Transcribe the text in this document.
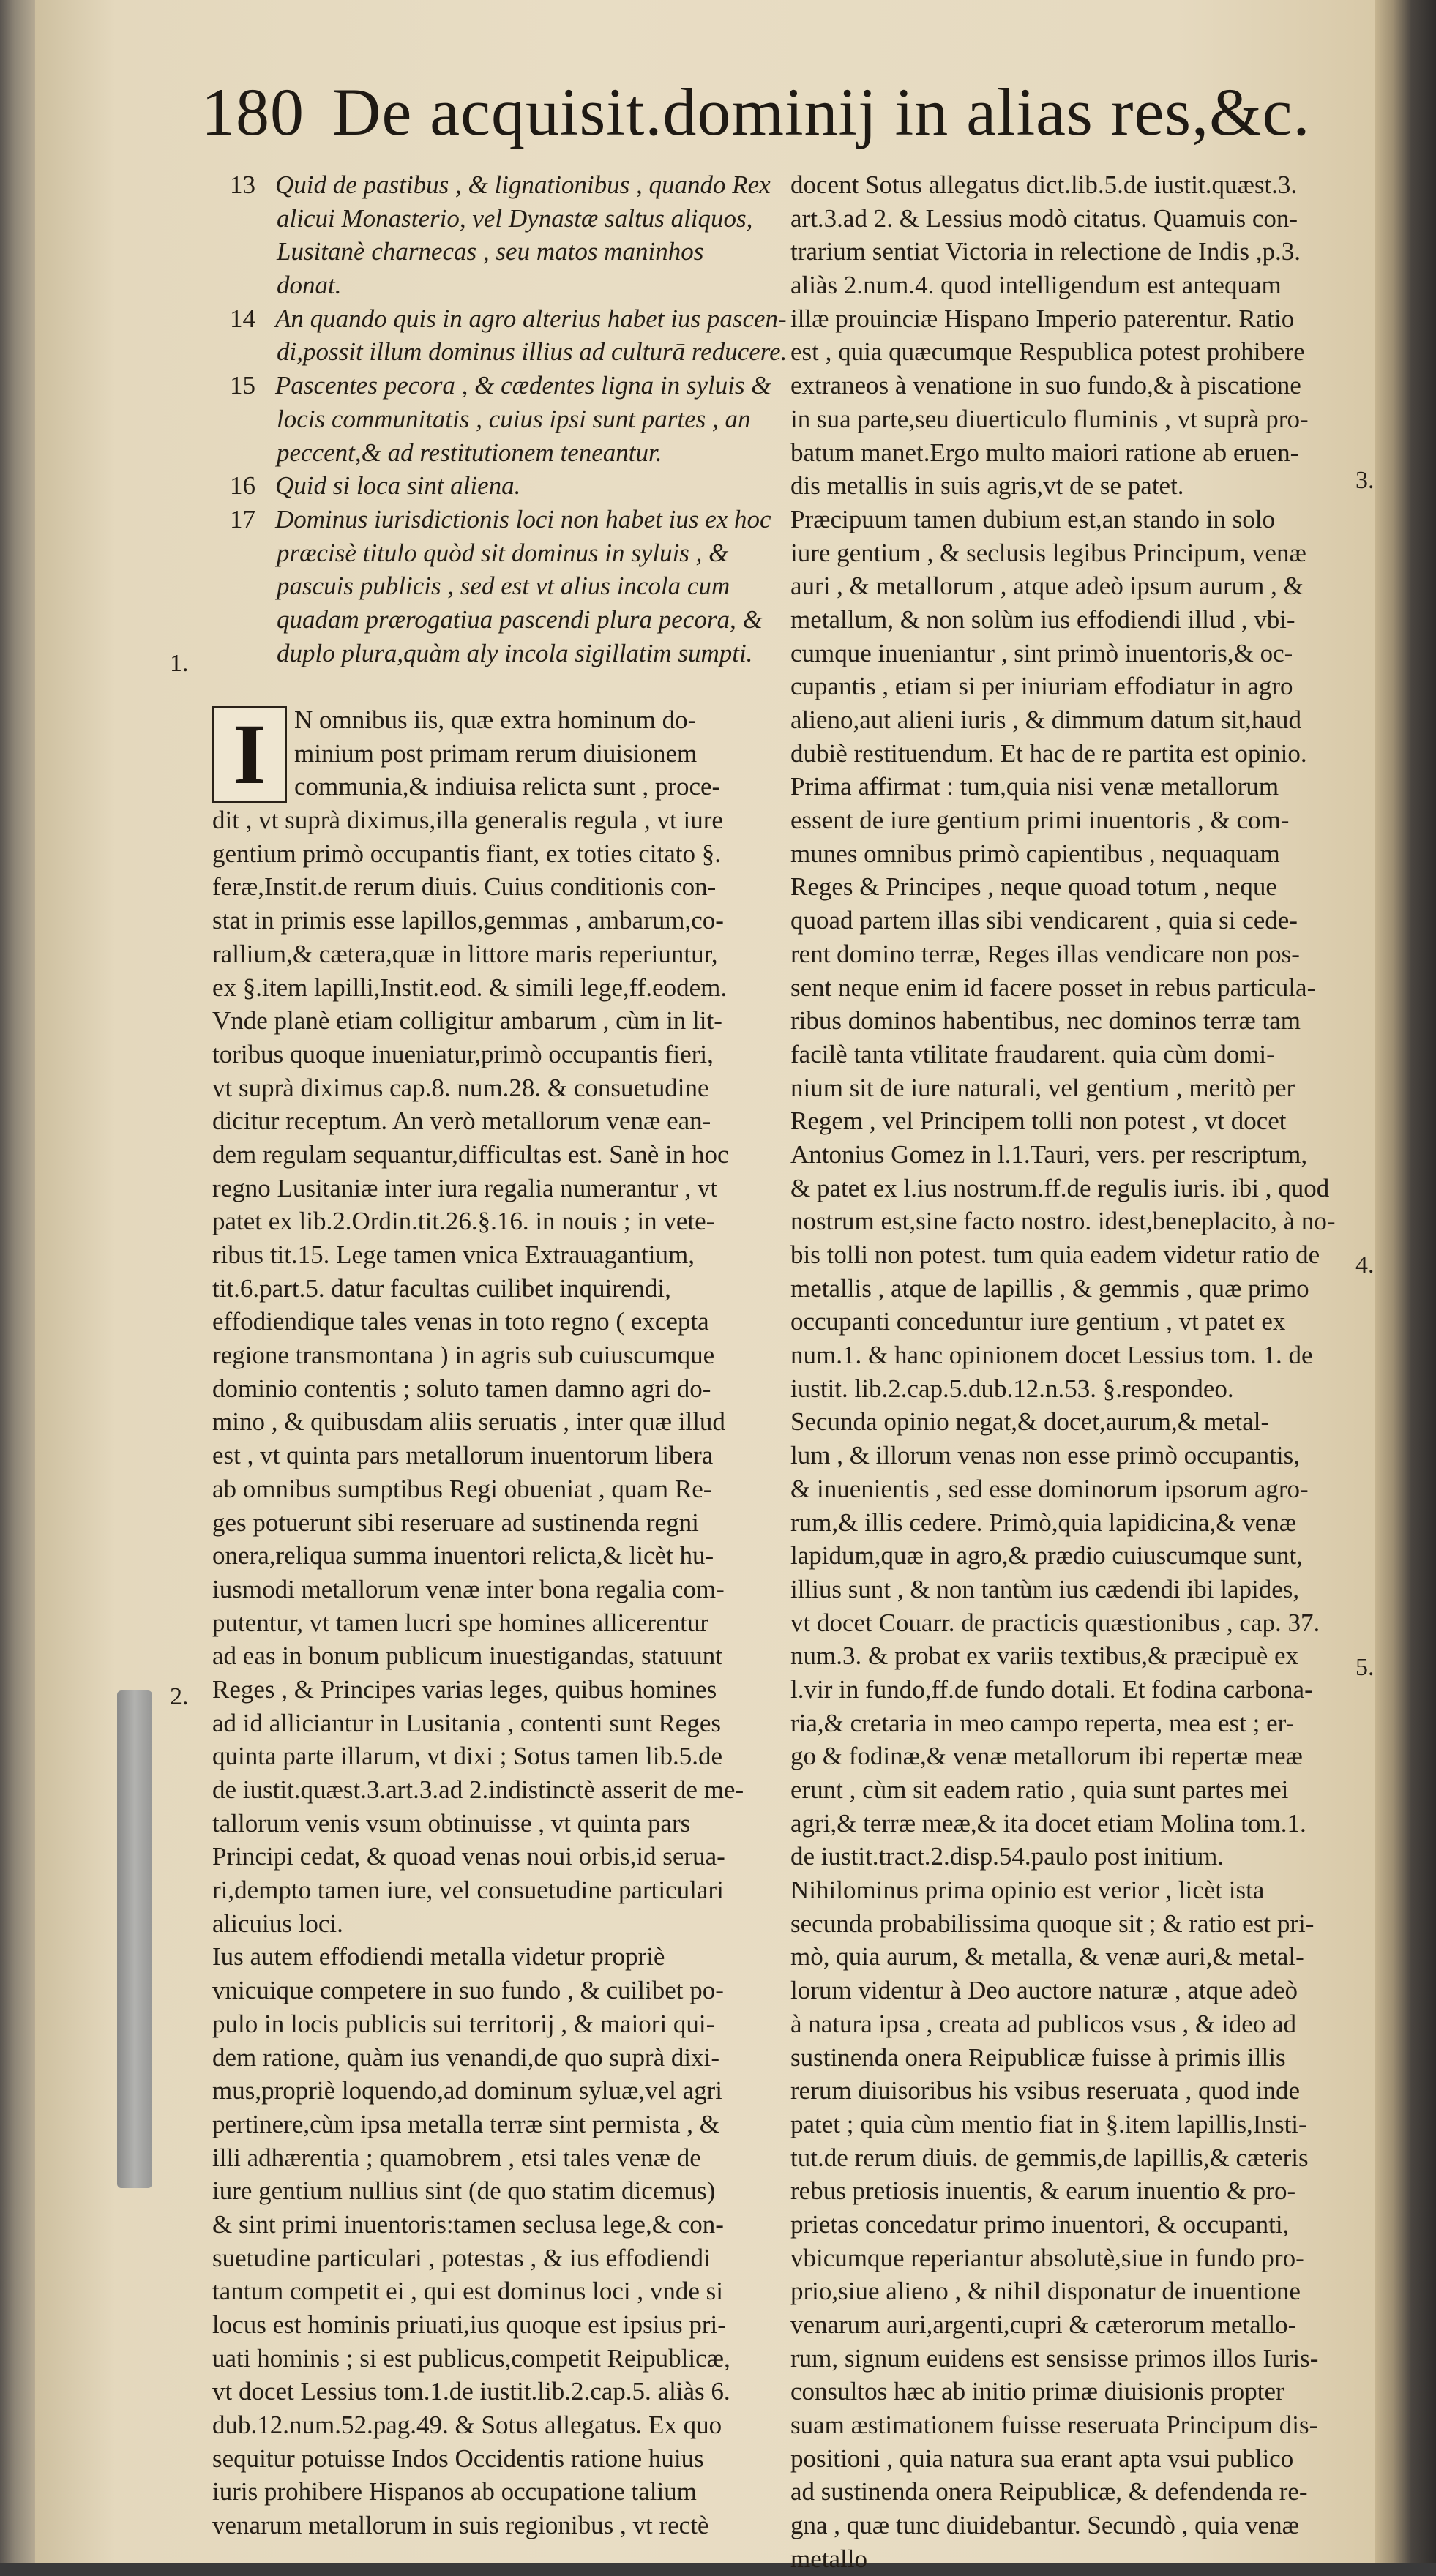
180 De acquisit.dominij in alias res,&c.
13 Quid de pastibus , & lignationibus , quando Rex
alicui Monasterio, vel Dynastæ saltus aliquos,
Lusitanè charnecas , seu matos maninhos
donat.
14 An quando quis in agro alterius habet ius pascen-
di,possit illum dominus illius ad culturā reducere.
15 Pascentes pecora , & cædentes ligna in syluis &
locis communitatis , cuius ipsi sunt partes , an
peccent,& ad restitutionem teneantur.
16 Quid si loca sint aliena.
17 Dominus iurisdictionis loci non habet ius ex hoc
præcisè titulo quòd sit dominus in syluis , &
pascuis publicis , sed est vt alius incola cum
quadam prærogatiua pascendi plura pecora, &
duplo plura,quàm aly incola sigillatim sumpti.
I	N omnibus iis, quæ extra hominum do-
minium post primam rerum diuisionem
communia,& indiuisa relicta sunt , proce-
dit , vt suprà diximus,illa generalis regula , vt iure
gentium primò occupantis fiant, ex toties citato §.
feræ,Instit.de rerum diuis. Cuius conditionis con-
stat in primis esse lapillos,gemmas , ambarum,co-
rallium,& cætera,quæ in littore maris reperiuntur,
ex §.item lapilli,Instit.eod. & simili lege,ff.eodem.
Vnde planè etiam colligitur ambarum , cùm in lit-
toribus quoque inueniatur,primò occupantis fieri,
vt suprà diximus cap.8. num.28. & consuetudine
dicitur receptum. An verò metallorum venæ ean-
dem regulam sequantur,difficultas est. Sanè in hoc
regno Lusitaniæ inter iura regalia numerantur , vt
patet ex lib.2.Ordin.tit.26.§.16. in nouis ; in vete-
ribus tit.15. Lege tamen vnica Extrauagantium,
tit.6.part.5. datur facultas cuilibet inquirendi,
effodiendique tales venas in toto regno ( excepta
regione transmontana ) in agris sub cuiuscumque
dominio contentis ; soluto tamen damno agri do-
mino , & quibusdam aliis seruatis , inter quæ illud
est , vt quinta pars metallorum inuentorum libera
ab omnibus sumptibus Regi obueniat , quam Re-
ges potuerunt sibi reseruare ad sustinenda regni
onera,reliqua summa inuentori relicta,& licèt hu-
iusmodi metallorum venæ inter bona regalia com-
putentur, vt tamen lucri spe homines allicerentur
ad eas in bonum publicum inuestigandas, statuunt
Reges , & Principes varias leges, quibus homines
ad id alliciantur in Lusitania , contenti sunt Reges
quinta parte illarum, vt dixi ; Sotus tamen lib.5.de
de iustit.quæst.3.art.3.ad 2.indistinctè asserit de me-
tallorum venis vsum obtinuisse , vt quinta pars
Principi cedat, & quoad venas noui orbis,id serua-
ri,dempto tamen iure, vel consuetudine particulari
alicuius loci.
Ius autem effodiendi metalla videtur propriè
vnicuique competere in suo fundo , & cuilibet po-
pulo in locis publicis sui territorij , & maiori qui-
dem ratione, quàm ius venandi,de quo suprà dixi-
mus,propriè loquendo,ad dominum syluæ,vel agri
pertinere,cùm ipsa metalla terræ sint permista , &
illi adhærentia ; quamobrem , etsi tales venæ de
iure gentium nullius sint (de quo statim dicemus)
& sint primi inuentoris:tamen seclusa lege,& con-
suetudine particulari , potestas , & ius effodiendi
tantum competit ei , qui est dominus loci , vnde si
locus est hominis priuati,ius quoque est ipsius pri-
uati hominis ; si est publicus,competit Reipublicæ,
vt docet Lessius tom.1.de iustit.lib.2.cap.5. aliàs 6.
dub.12.num.52.pag.49. & Sotus allegatus. Ex quo
sequitur potuisse Indos Occidentis ratione huius
iuris prohibere Hispanos ab occupatione talium
venarum metallorum in suis regionibus , vt rectè
docent Sotus allegatus dict.lib.5.de iustit.quæst.3.
art.3.ad 2. & Lessius modò citatus. Quamuis con-
trarium sentiat Victoria in relectione de Indis ,p.3.
aliàs 2.num.4. quod intelligendum est antequam
illæ prouinciæ Hispano Imperio paterentur. Ratio
est , quia quæcumque Respublica potest prohibere
extraneos à venatione in suo fundo,& à piscatione
in sua parte,seu diuerticulo fluminis , vt suprà pro-
batum manet.Ergo multo maiori ratione ab eruen-
dis metallis in suis agris,vt de se patet.
Præcipuum tamen dubium est,an stando in solo
iure gentium , & seclusis legibus Principum, venæ
auri , & metallorum , atque adeò ipsum aurum , &
metallum, & non solùm ius effodiendi illud , vbi-
cumque inueniantur , sint primò inuentoris,& oc-
cupantis , etiam si per iniuriam effodiatur in agro
alieno,aut alieni iuris , & dimmum datum sit,haud
dubiè restituendum. Et hac de re partita est opinio.
Prima affirmat : tum,quia nisi venæ metallorum
essent de iure gentium primi inuentoris , & com-
munes omnibus primò capientibus , nequaquam
Reges & Principes , neque quoad totum , neque
quoad partem illas sibi vendicarent , quia si cede-
rent domino terræ, Reges illas vendicare non pos-
sent neque enim id facere posset in rebus particula-
ribus dominos habentibus, nec dominos terræ tam
facilè tanta vtilitate fraudarent. quia cùm domi-
nium sit de iure naturali, vel gentium , meritò per
Regem , vel Principem tolli non potest , vt docet
Antonius Gomez in l.1.Tauri, vers. per rescriptum,
& patet ex l.ius nostrum.ff.de regulis iuris. ibi , quod
nostrum est,sine facto nostro. idest,beneplacito, à no-
bis tolli non potest. tum quia eadem videtur ratio de
metallis , atque de lapillis , & gemmis , quæ primo
occupanti conceduntur iure gentium , vt patet ex
num.1. & hanc opinionem docet Lessius tom. 1. de
iustit. lib.2.cap.5.dub.12.n.53. §.respondeo.
Secunda opinio negat,& docet,aurum,& metal-
lum , & illorum venas non esse primò occupantis,
& inuenientis , sed esse dominorum ipsorum agro-
rum,& illis cedere. Primò,quia lapidicina,& venæ
lapidum,quæ in agro,& prædio cuiuscumque sunt,
illius sunt , & non tantùm ius cædendi ibi lapides,
vt docet Couarr. de practicis quæstionibus , cap. 37.
num.3. & probat ex variis textibus,& præcipuè ex
l.vir in fundo,ff.de fundo dotali. Et fodina carbona-
ria,& cretaria in meo campo reperta, mea est ; er-
go & fodinæ,& venæ metallorum ibi repertæ meæ
erunt , cùm sit eadem ratio , quia sunt partes mei
agri,& terræ meæ,& ita docet etiam Molina tom.1.
de iustit.tract.2.disp.54.paulo post initium.
Nihilominus prima opinio est verior , licèt ista
secunda probabilissima quoque sit ; & ratio est pri-
mò, quia aurum, & metalla, & venæ auri,& metal-
lorum videntur à Deo auctore naturæ , atque adeò
à natura ipsa , creata ad publicos vsus , & ideo ad
sustinenda onera Reipublicæ fuisse à primis illis
rerum diuisoribus his vsibus reseruata , quod inde
patet ; quia cùm mentio fiat in §.item lapillis,Insti-
tut.de rerum diuis. de gemmis,de lapillis,& cæteris
rebus pretiosis inuentis, & earum inuentio & pro-
prietas concedatur primo inuentori, & occupanti,
vbicumque reperiantur absolutè,siue in fundo pro-
prio,siue alieno , & nihil disponatur de inuentione
venarum auri,argenti,cupri & cæterorum metallo-
rum, signum euidens est sensisse primos illos Iuris-
consultos hæc ab initio primæ diuisionis propter
suam æstimationem fuisse reseruata Principum dis-
positioni , quia natura sua erant apta vsui publico
ad sustinenda onera Reipublicæ, & defendenda re-
gna , quæ tunc diuidebantur. Secundò , quia venæ
metallo
1.
2.
3.
4.
5.
